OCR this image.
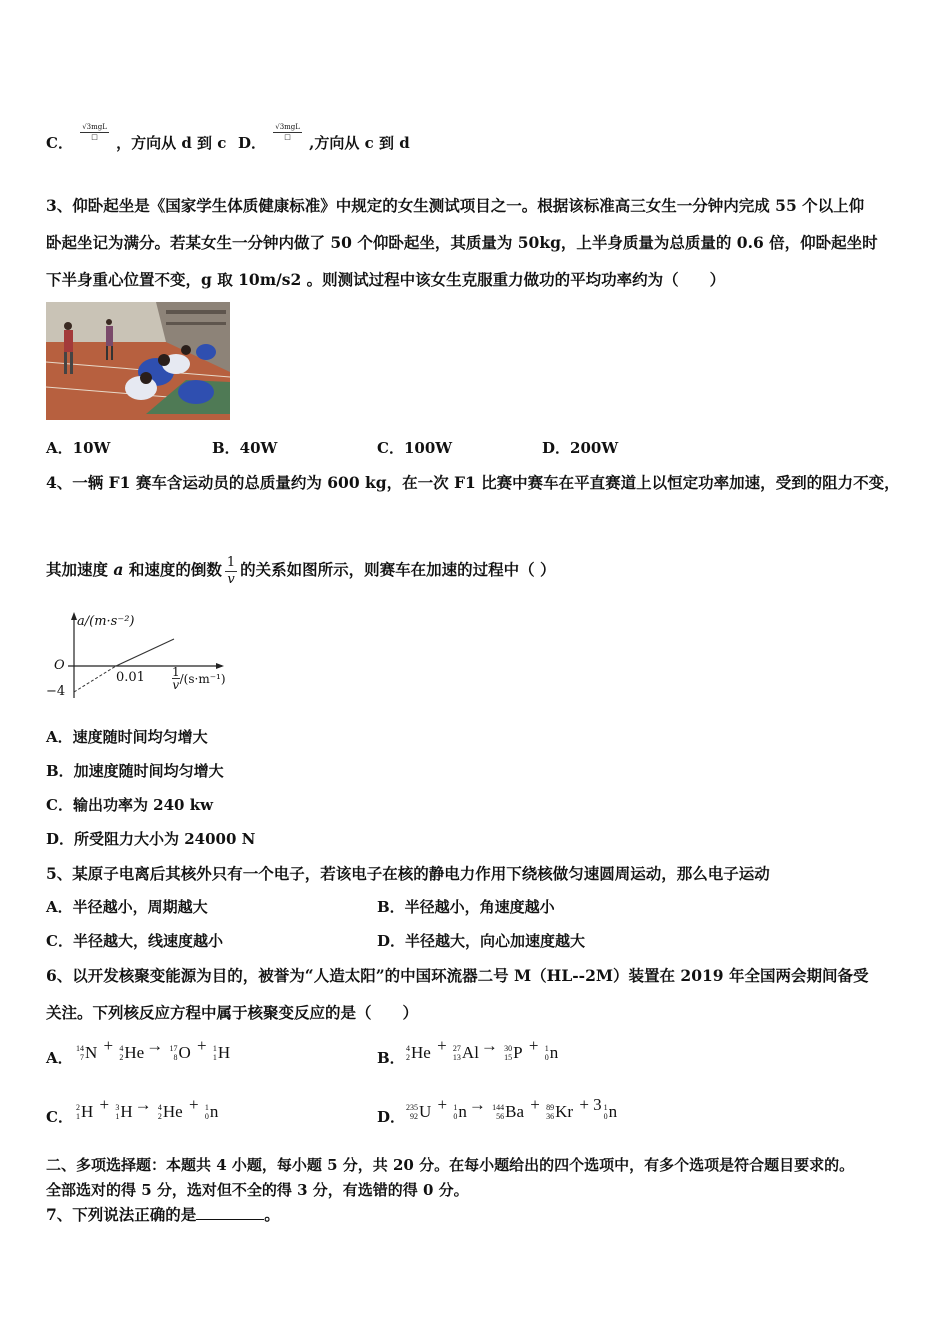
C．
$\frac{\text{√3mgL}}{□}$
，方向从 d 到 c D．
$\frac{\text{√3mgL}}{□}$
,方向从 c 到 d
3、仰卧起坐是《国家学生体质健康标准》中规定的女生测试项目之一。根据该标准高三女生一分钟内完成 55 个以上仰
卧起坐记为满分。若某女生一分钟内做了 50 个仰卧起坐，其质量为 50kg，上半身质量为总质量的 0.6 倍，仰卧起坐时
下半身重心位置不变，g 取 10m/s2 。则测试过程中该女生克服重力做功的平均功率约为（　　）
A．10W	B．40W	C．100W	D．200W
4、一辆 F1 赛车含运动员的总质量约为 600 kg，在一次 F1 比赛中赛车在平直赛道上以恒定功率加速，受到的阻力不变，
其加速度 a 和速度的倒数 $\frac{1}{v}$ 的关系如图所示，则赛车在加速的过程中（ ）
a/(m·s⁻²)
O
−4
$0.01 \frac{1}{v} /(s\cdot m^{-1})$
A．速度随时间均匀增大
B．加速度随时间均匀增大
C．输出功率为 240 kw
D．所受阻力大小为 24000 N
5、某原子电离后其核外只有一个电子，若该电子在核的静电力作用下绕核做匀速圆周运动，那么电子运动
A．半径越小，周期越大	B．半径越小，角速度越小
C．半径越大，线速度越小	D．半径越大，向心加速度越大
6、以开发核聚变能源为目的，被誉为“人造太阳”的中国环流器二号 M（HL--2M）装置在 2019 年全国两会期间备受
关注。下列核反应方程中属于核聚变反应的是（　　）
A．
14
7 N + 4
2 He → 17
8 O + 1
1 H	B．
4
2 He + 27
13 Al → 30
15 P + 1
0 n
C．
2
1 H + 3
1 H → 4
2 He + 1
0 n	D．
235
92 U + 1
0 n → 144
56 Ba + 89
36 Kr + 3 1
0 n
二、多项选择题：本题共 4 小题，每小题 5 分，共 20 分。在每小题给出的四个选项中，有多个选项是符合题目要求的。
全部选对的得 5 分，选对但不全的得 3 分，有选错的得 0 分。
7、下列说法正确的是	。
